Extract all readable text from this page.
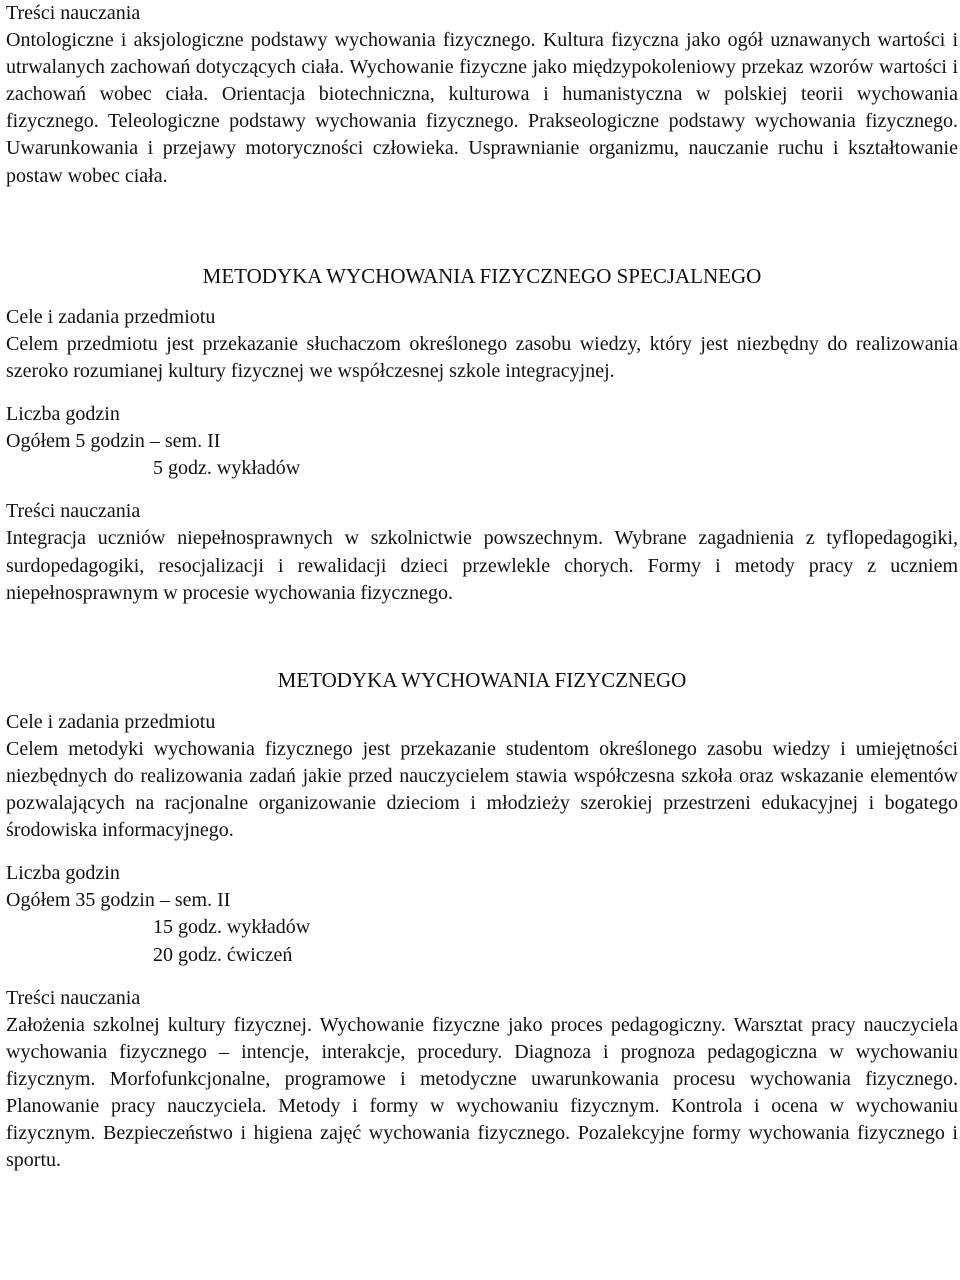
Treści nauczania

Ontologiczne i aksjologiczne podstawy wychowania fizycznego. Kultura fizyczna jako ogół uznawanych wartości i utrwalanych zachowań dotyczących ciała. Wychowanie fizyczne jako międzypokoleniowy przekaz wzorów wartości i zachowań wobec ciała. Orientacja biotechniczna, kulturowa i humanistyczna w polskiej teorii wychowania fizycznego. Teleologiczne podstawy wychowania fizycznego. Prakseologiczne podstawy wychowania fizycznego. Uwarunkowania i przejawy motoryczności człowieka. Usprawnianie organizmu, nauczanie ruchu i kształtowanie postaw wobec ciała.

METODYKA WYCHOWANIA FIZYCZNEGO SPECJALNEGO
Cele i zadania przedmiotu

Celem przedmiotu jest przekazanie słuchaczom określonego zasobu wiedzy, który jest niezbędny do realizowania szeroko rozumianej kultury fizycznej we współczesnej szkole integracyjnej.

Liczba godzin

Ogółem 5 godzin – sem. II

5 godz. wykładów

Treści nauczania

Integracja uczniów niepełnosprawnych w szkolnictwie powszechnym. Wybrane zagadnienia z tyflopedagogiki, surdopedagogiki, resocjalizacji i rewalidacji dzieci przewlekle chorych. Formy i metody pracy z uczniem niepełnosprawnym w procesie wychowania fizycznego.

METODYKA WYCHOWANIA FIZYCZNEGO
Cele i zadania przedmiotu

Celem metodyki wychowania fizycznego jest przekazanie studentom określonego zasobu wiedzy i umiejętności niezbędnych do realizowania zadań jakie przed nauczycielem stawia współczesna szkoła oraz wskazanie elementów pozwalających na racjonalne organizowanie dzieciom i młodzieży szerokiej przestrzeni edukacyjnej i bogatego środowiska informacyjnego.

Liczba godzin

Ogółem 35 godzin – sem. II

15 godz. wykładów

20 godz. ćwiczeń

Treści nauczania

Założenia szkolnej kultury fizycznej. Wychowanie fizyczne jako proces pedagogiczny. Warsztat pracy nauczyciela wychowania fizycznego – intencje, interakcje, procedury. Diagnoza i prognoza pedagogiczna w wychowaniu fizycznym. Morfofunkcjonalne, programowe i metodyczne uwarunkowania procesu wychowania fizycznego. Planowanie pracy nauczyciela. Metody i formy w wychowaniu fizycznym. Kontrola i ocena w wychowaniu fizycznym. Bezpieczeństwo i higiena zajęć wychowania fizycznego. Pozalekcyjne formy wychowania fizycznego i sportu.
